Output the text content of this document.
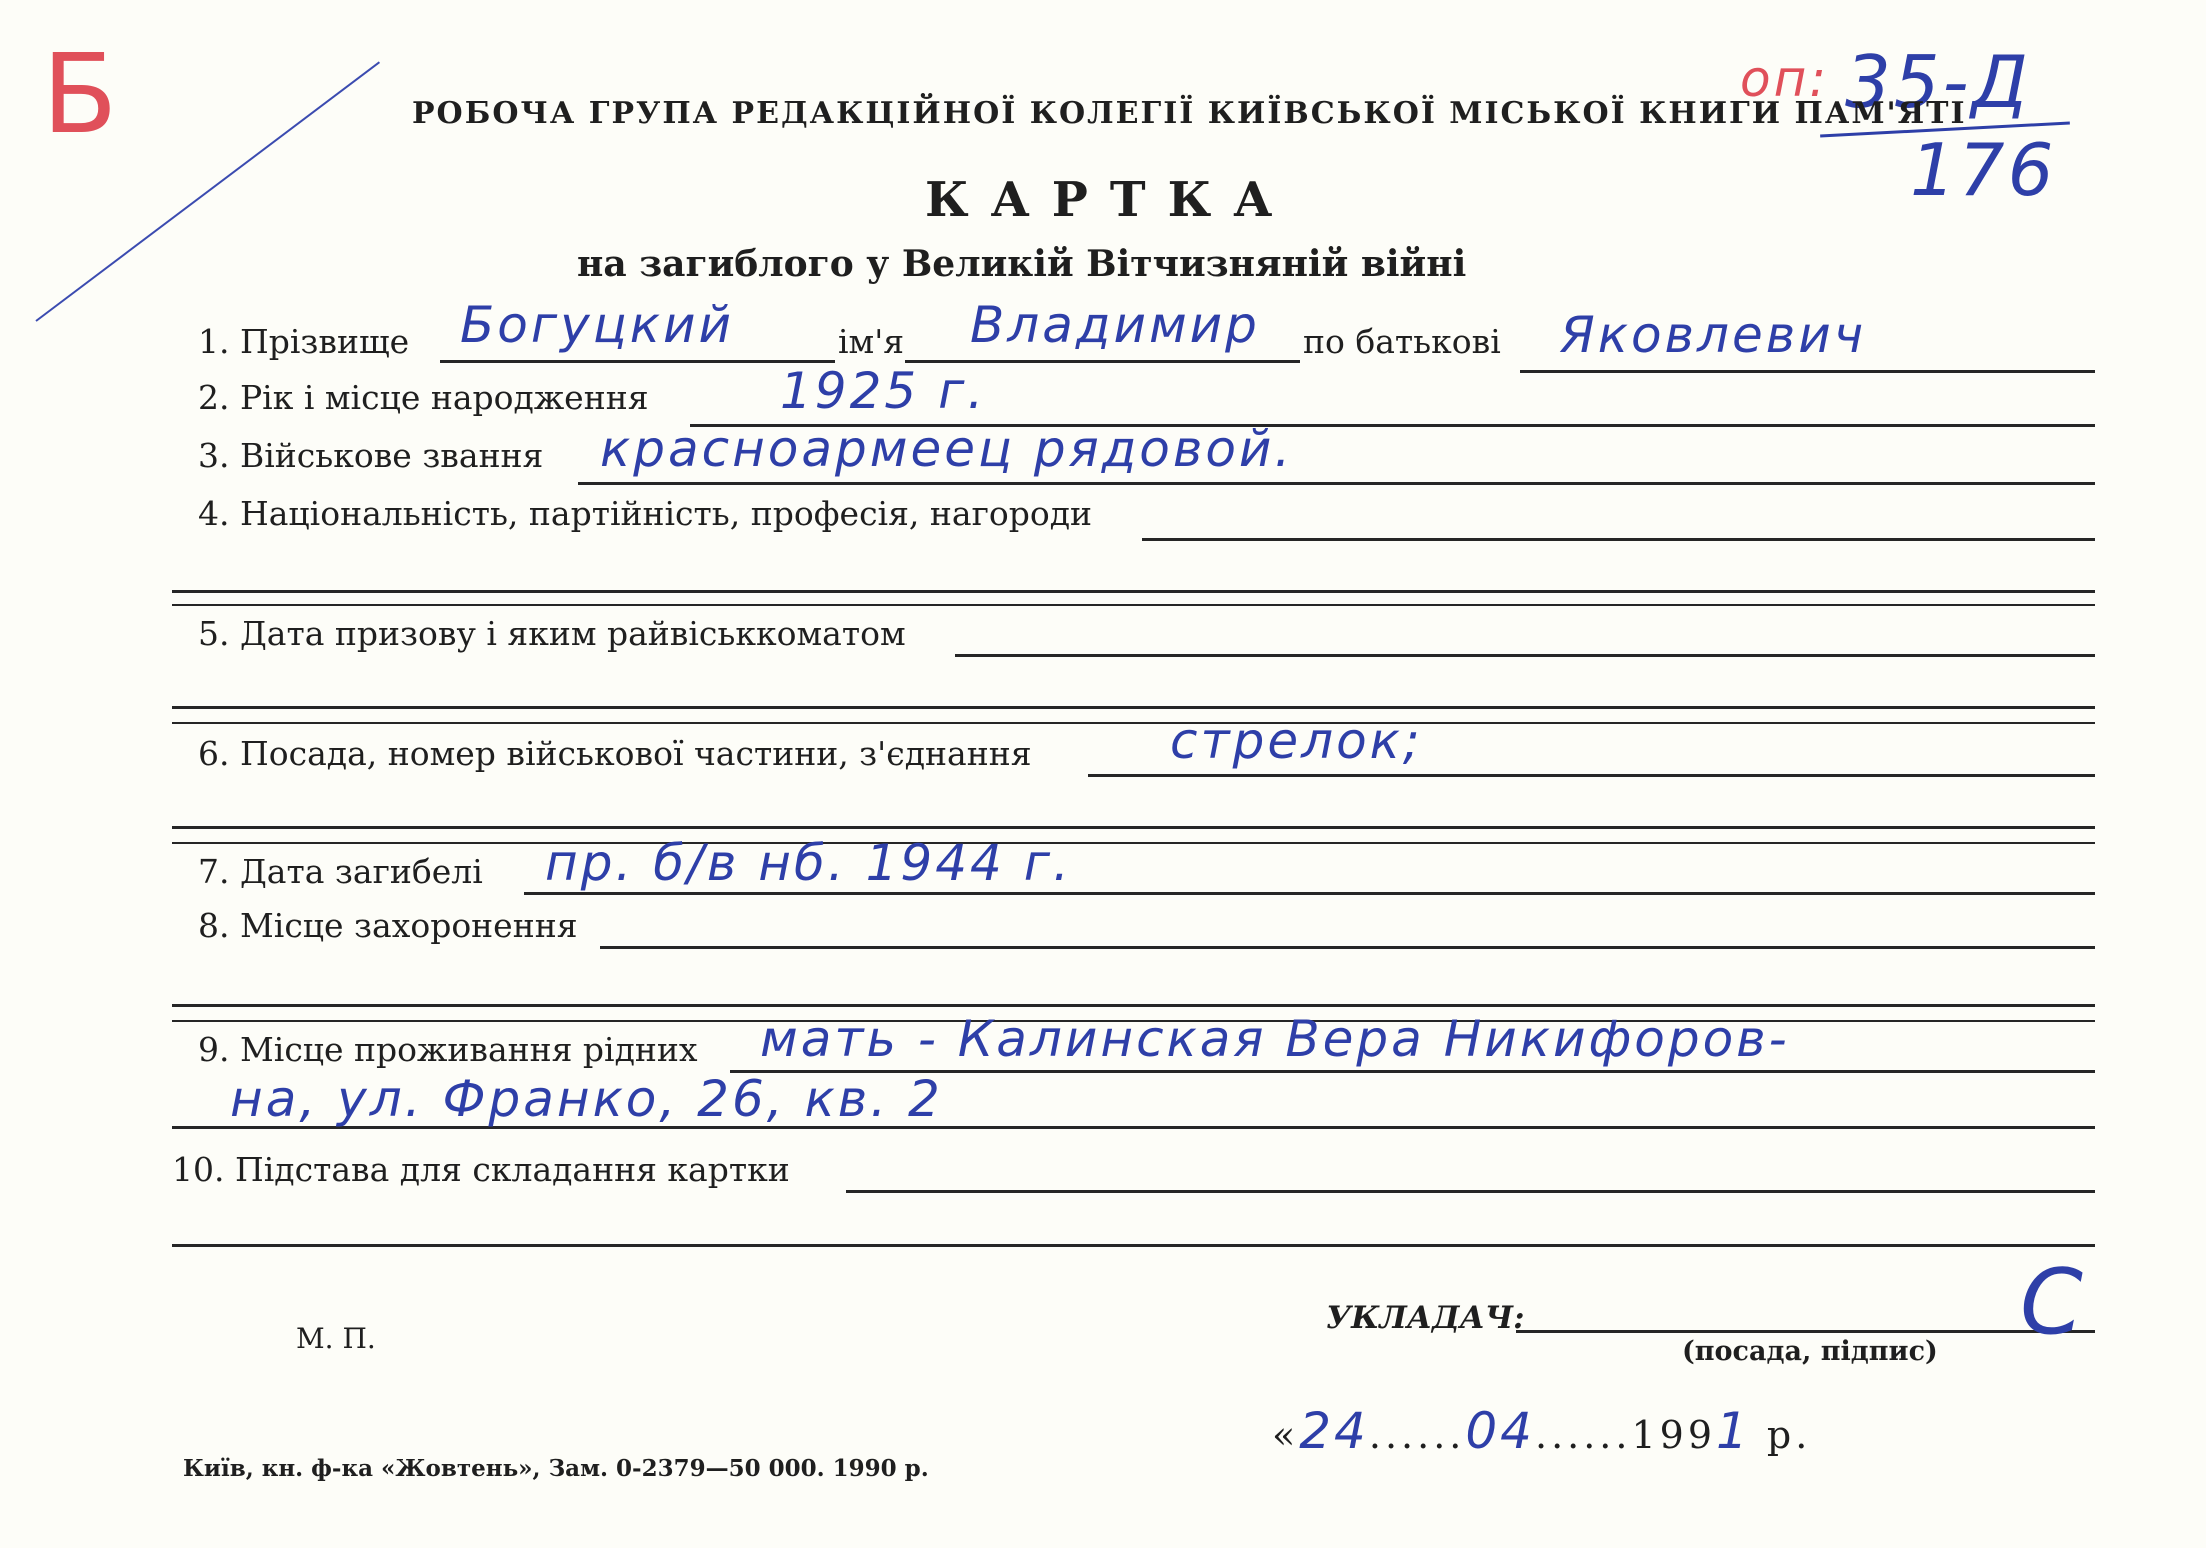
Б	оп: 35-Д
176
РОБОЧА ГРУПА РЕДАКЦІЙНОЇ КОЛЕГІЇ КИЇВСЬКОЇ МІСЬКОЇ КНИГИ ПАМ'ЯТІ
КАРТКА
на загиблого у Великій Вітчизняній війні
1. Прізвище Богуцкий	ім'я Владимир по батькові Яковлевич
2. Рік і місце народження	1925 г.
3. Військове звання красноармеец рядовой.
4. Національність, партійність, професія, нагороди
5. Дата призову і яким райвіськкоматом
6. Посада, номер військової частини, з'єднання	стрелок;
7. Дата загибелі пр. б/в нб. 1944 г.
8. Місце захоронення
9. Місце проживання рідних мать - Калинская Вера Никифоров-
на, ул. Франко, 26, кв. 2
10. Підстава для складання картки
М. П.
УКЛАДАЧ:
(посада, підпис) С
«24......04......1991 р.
Київ, кн. ф-ка «Жовтень», Зам. 0-2379—50 000. 1990 р.
